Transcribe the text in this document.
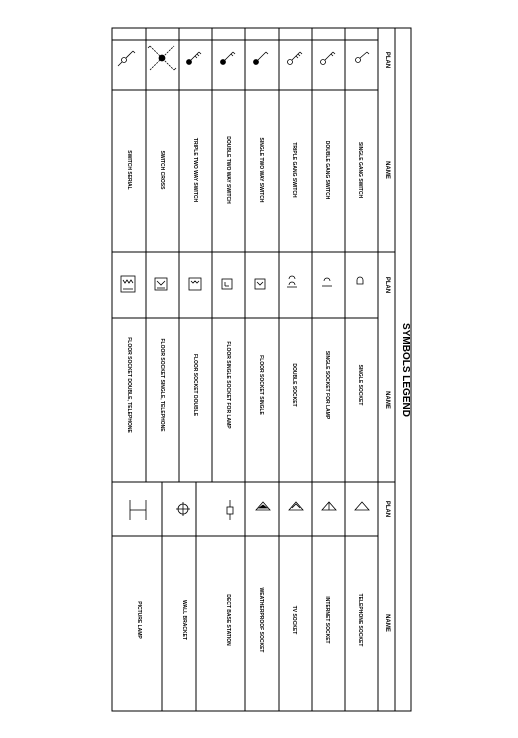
SYMBOLS LEGEND
PLAN
NAME
PLAN
NAME
PLAN
NAME
SINGLE GANG SWITCH
DOUBLE GANG SWITCH
TRIPLE GANG SWITCH
SINGLE TWO WAY SWITCH
DOUBLE TWO WAY SWITCH
TRIPLE TWO WAY SWITCH
SWITCH CROSS
SWITCH SERIAL
SINGLE SOCKET
SINGLE SOCKET FOR LAMP
DOUBLE SOCKET
FLOOR SOCKET SINGLE
FLOOR SINGLE SOCKET FOR LAMP
FLOOR SOCKET DOUBLE
FLOOR SOCKET SINGLE, TELEPHONE
FLOOR SOCKET DOUBLE, TELEPHONE
TELEPHONE SOCKET
INTERNET SOCKET
TV SOCKET
WEATHERPROOF SOCKET
DECT BASE STATION
WALL BRACKET
PICTURE LAMP
